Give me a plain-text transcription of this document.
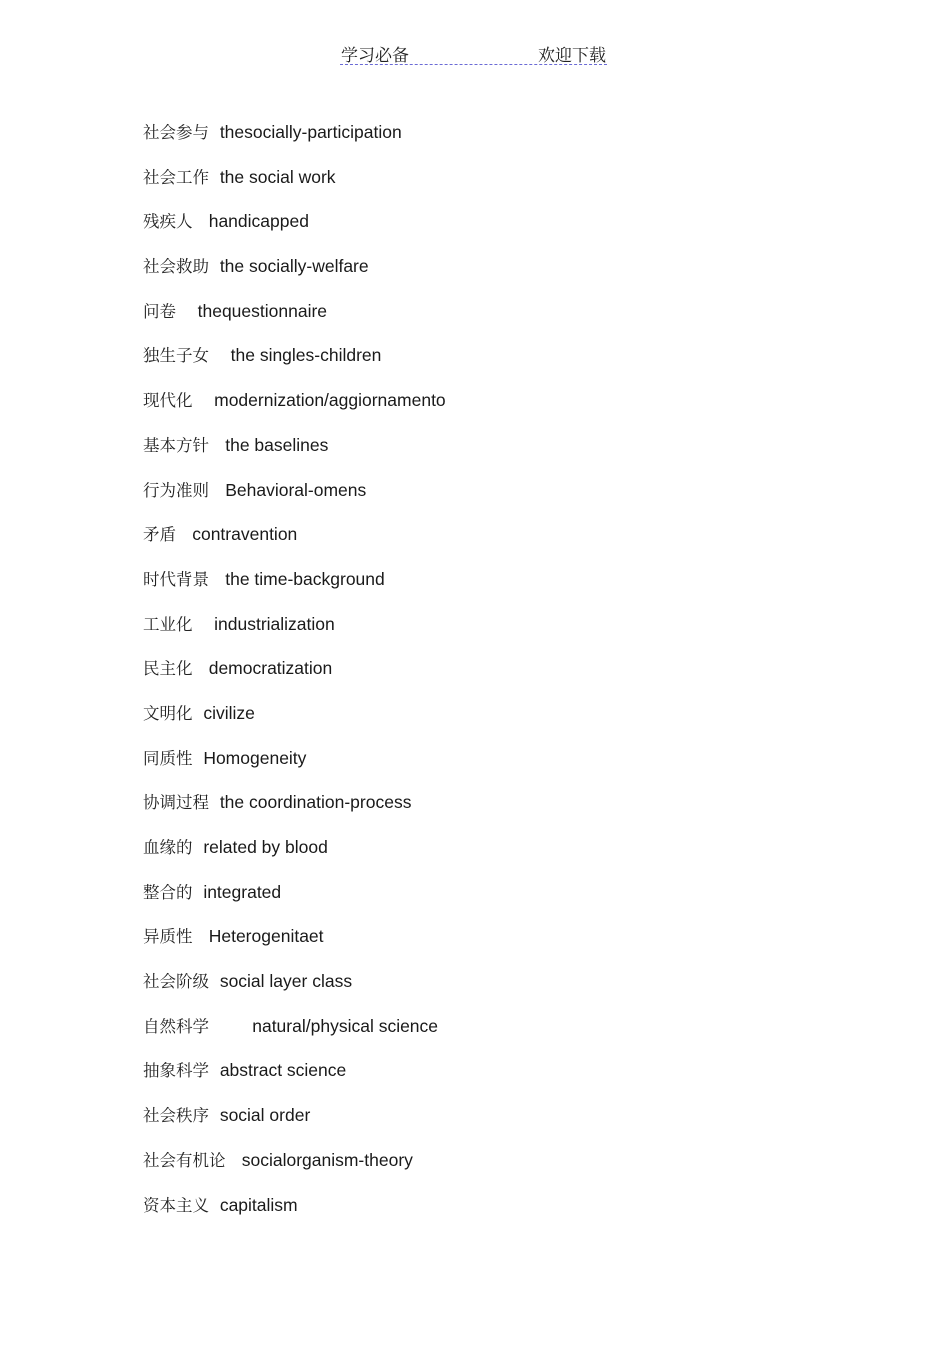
学习必备	欢迎下载
社会参与 thesocially-participation
社会工作 the social work
残疾人 handicapped
社会救助 the socially-welfare
问卷 thequestionnaire
独生子女 the singles-children
现代化 modernization/aggiornamento
基本方针 the baselines
行为准则 Behavioral-omens
矛盾 contravention
时代背景 the time-background
工业化 industrialization
民主化 democratization
文明化 civilize
同质性 Homogeneity
协调过程 the coordination-process
血缘的 related by blood
整合的 integrated
异质性 Heterogenitaet
社会阶级 social layer class
自然科学 natural/physical science
抽象科学 abstract science
社会秩序 social order
社会有机论 socialorganism-theory
资本主义 capitalism
